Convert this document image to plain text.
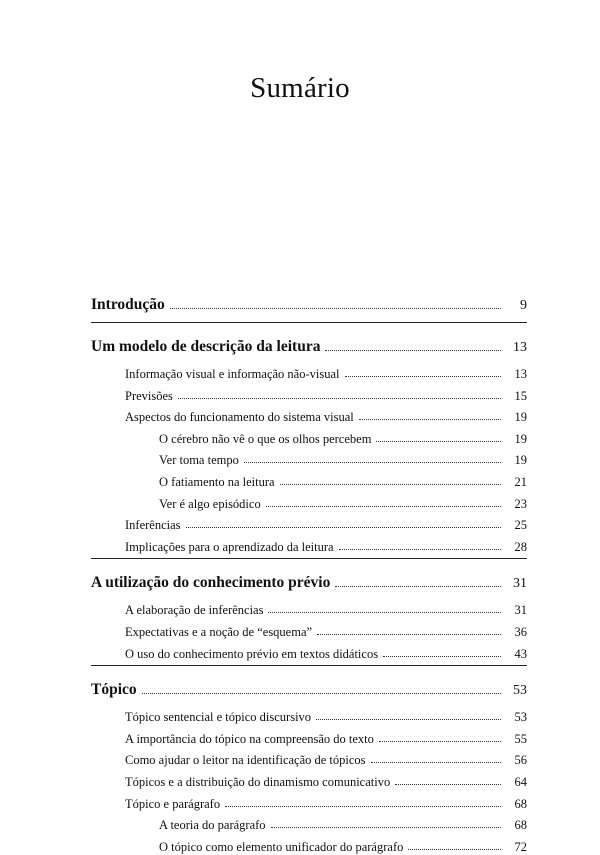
Sumário
Introdução	9
Um modelo de descrição da leitura	13
Informação visual e informação não-visual	13
Previsões	15
Aspectos do funcionamento do sistema visual	19
O cérebro não vê o que os olhos percebem	19
Ver toma tempo	19
O fatiamento na leitura	21
Ver é algo episódico	23
Inferências	25
Implicações para o aprendizado da leitura	28
A utilização do conhecimento prévio	31
A elaboração de inferências	31
Expectativas e a noção de “esquema”	36
O uso do conhecimento prévio em textos didáticos	43
Tópico	53
Tópico sentencial e tópico discursivo	53
A importância do tópico na compreensão do texto	55
Como ajudar o leitor na identificação de tópicos	56
Tópicos e a distribuição do dinamismo comunicativo	64
Tópico e parágrafo	68
A teoria do parágrafo	68
O tópico como elemento unificador do parágrafo	72
